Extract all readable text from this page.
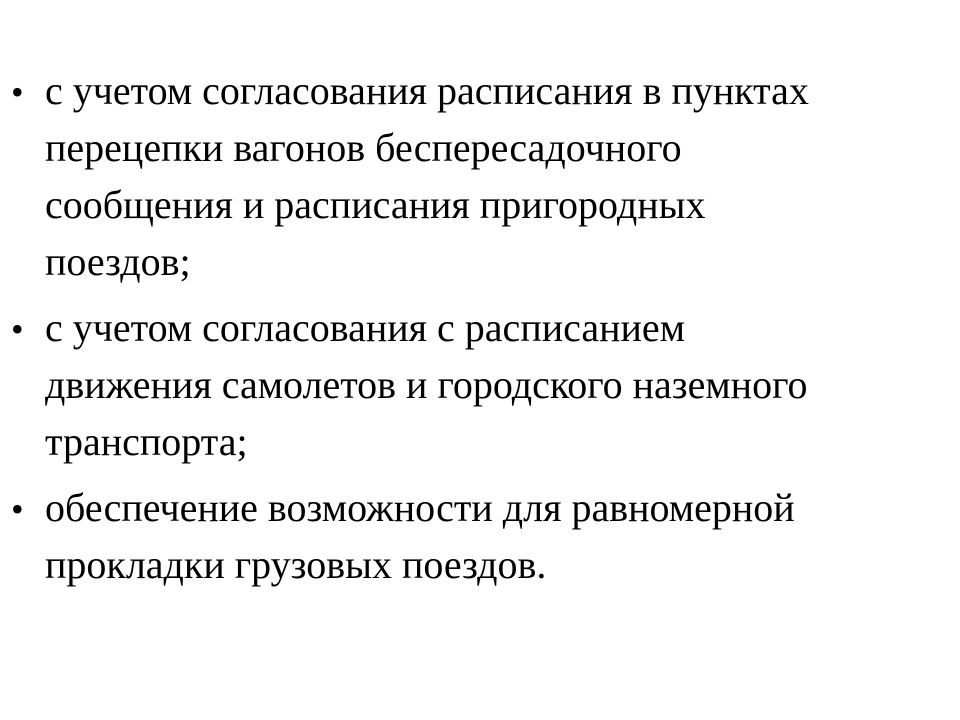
• с учетом согласования расписания в пунктах
перецепки вагонов беспересадочного
сообщения и расписания пригородных
поездов;
• с учетом согласования с расписанием
движения самолетов и городского наземного
транспорта;
• обеспечение возможности для равномерной
прокладки грузовых поездов.
